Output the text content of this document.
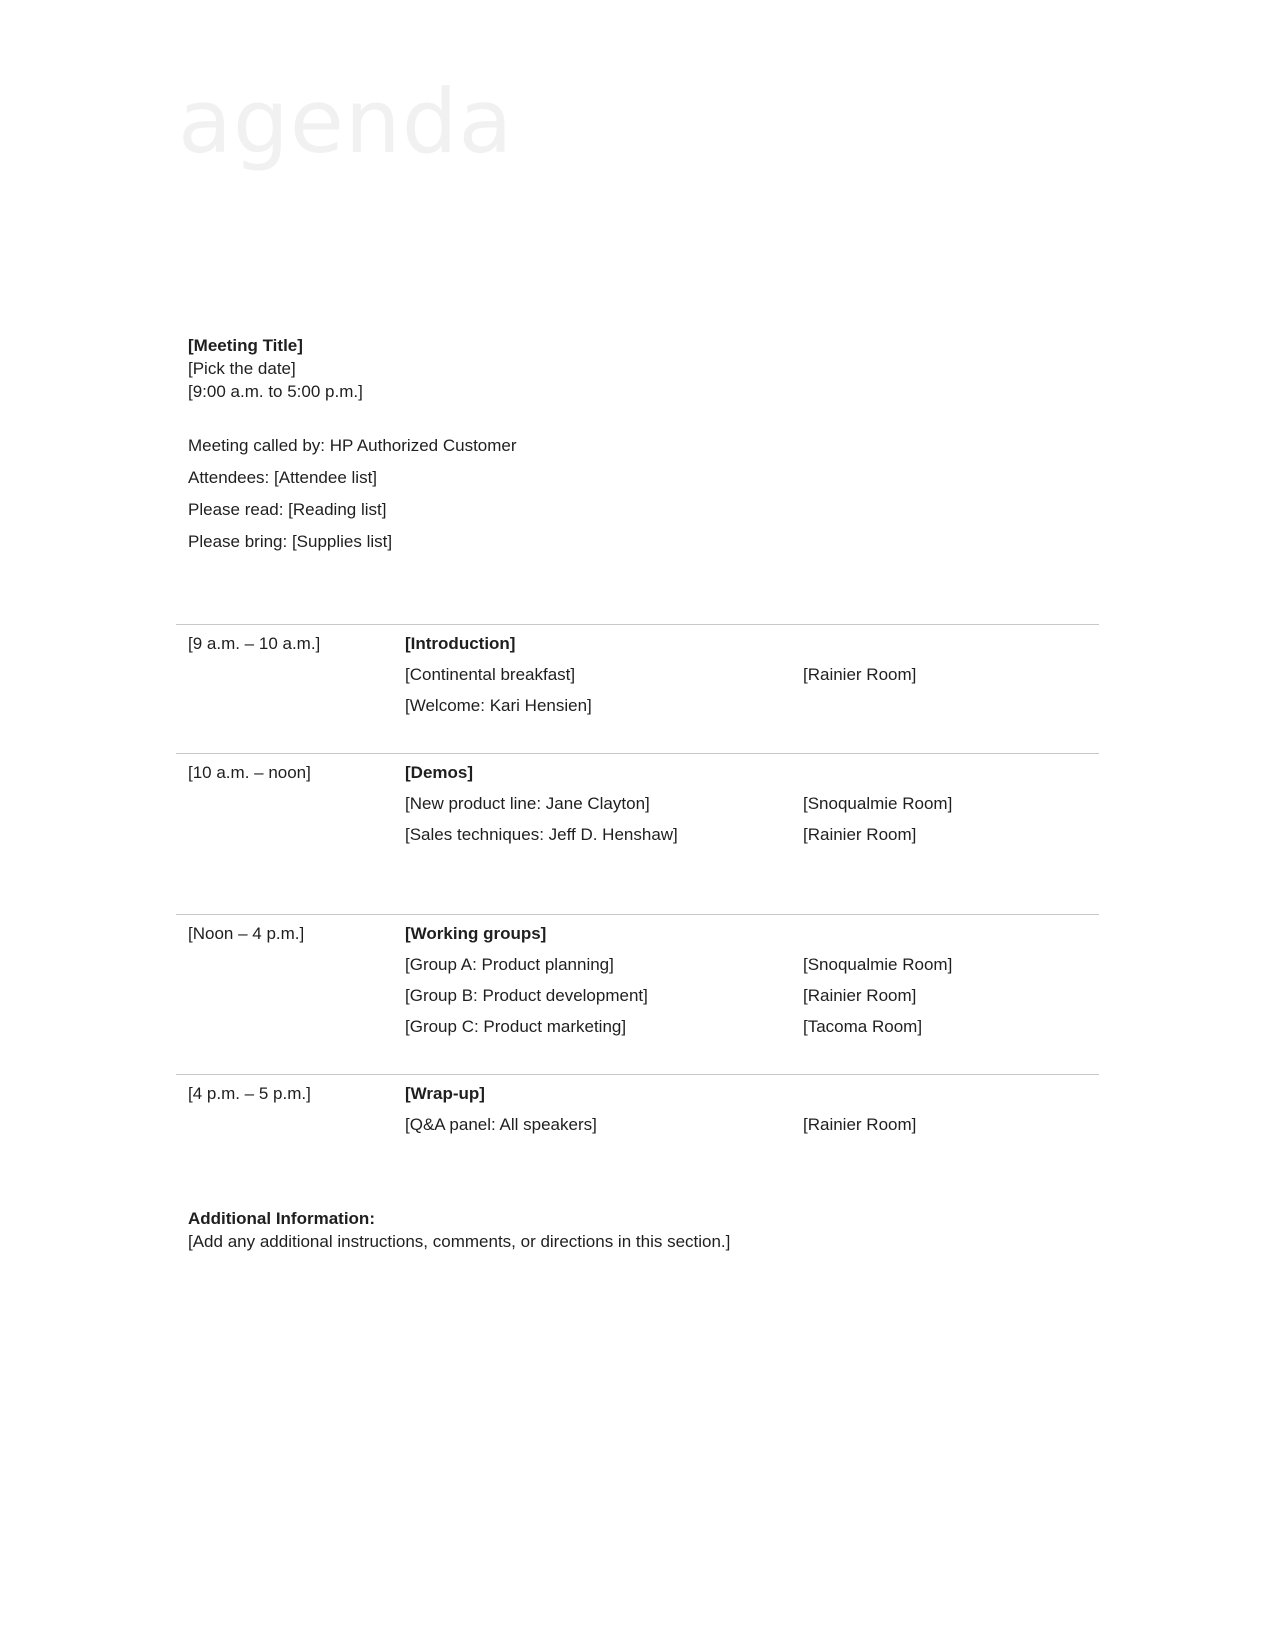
agenda
[Meeting Title]
[Pick the date]
[9:00 a.m. to 5:00 p.m.]
Meeting called by: HP Authorized Customer
Attendees: [Attendee list]
Please read: [Reading list]
Please bring: [Supplies list]
[9 a.m. – 10 a.m.]	[Introduction]
[Continental breakfast]	[Rainier Room]
[Welcome: Kari Hensien]
[10 a.m. – noon]	[Demos]
[New product line: Jane Clayton]	[Snoqualmie Room]
[Sales techniques: Jeff D. Henshaw]	[Rainier Room]
[Noon – 4 p.m.]	[Working groups]
[Group A: Product planning]	[Snoqualmie Room]
[Group B: Product development]	[Rainier Room]
[Group C: Product marketing]	[Tacoma Room]
[4 p.m. – 5 p.m.]	[Wrap-up]
[Q&A panel: All speakers]	[Rainier Room]
Additional Information:
[Add any additional instructions, comments, or directions in this section.]
